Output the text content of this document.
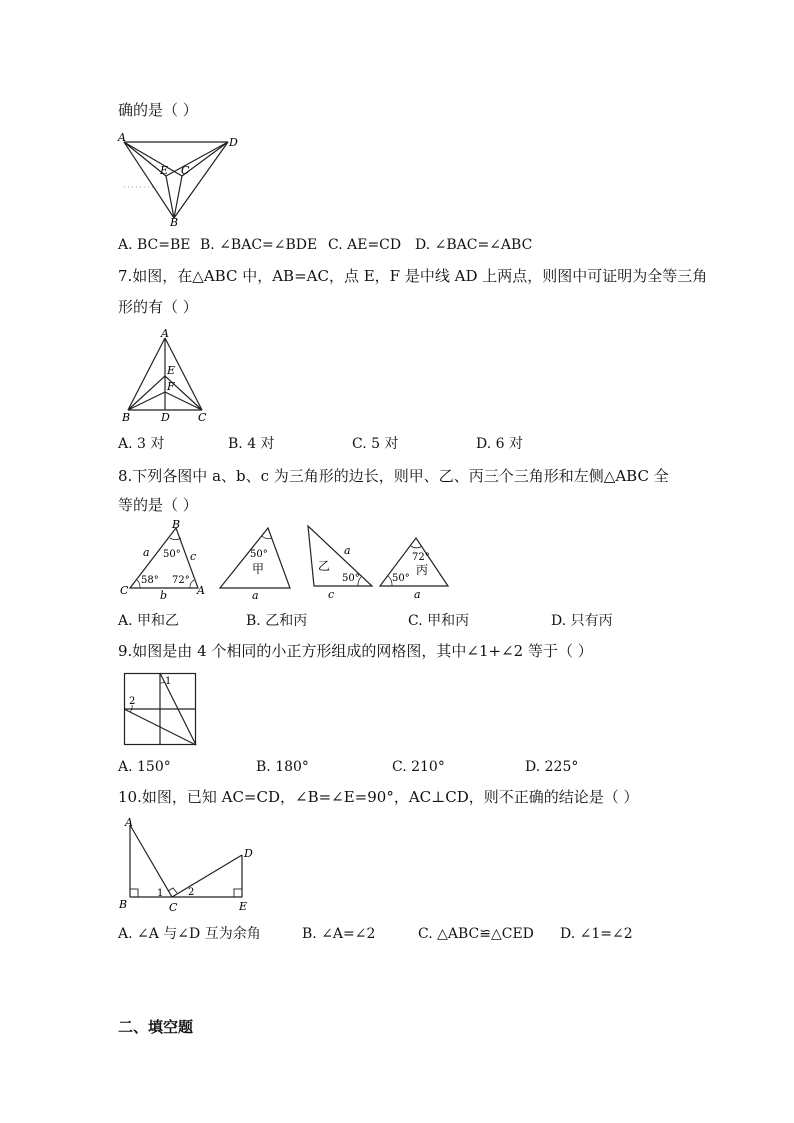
确的是（ ）
A	D
E C
B
A. BC=BE B. ∠BAC=∠BDE C. AE=CD D. ∠BAC=∠ABC
7.如图，在△ABC 中，AB=AC，点 E，F 是中线 AD 上两点，则图中可证明为全等三角
形的有（ ）
A
E
F
B	D	C
A. 3 对	B. 4 对	C. 5 对	D. 6 对
8.下列各图中 a、b、c 为三角形的边长，则甲、乙、丙三个三角形和左侧△ABC 全
等的是（ ）
B
C	A
a	c
b
50°
58° 72°
50°
甲
a
乙
a
50°
c
72°
丙
50°
a
A. 甲和乙	B. 乙和丙	C. 甲和丙	D. 只有丙
9.如图是由 4 个相同的小正方形组成的网格图，其中∠1+∠2 等于（ ）
1
2
A. 150°	B. 180°	C. 210°	D. 225°
10.如图，已知 AC=CD，∠B=∠E=90°，AC⊥CD，则不正确的结论是（ ）
A
D
B	C	E
1 2
A. ∠A 与∠D 互为余角	B. ∠A=∠2	C. △ABC≌△CED D. ∠1=∠2
二、填空题
